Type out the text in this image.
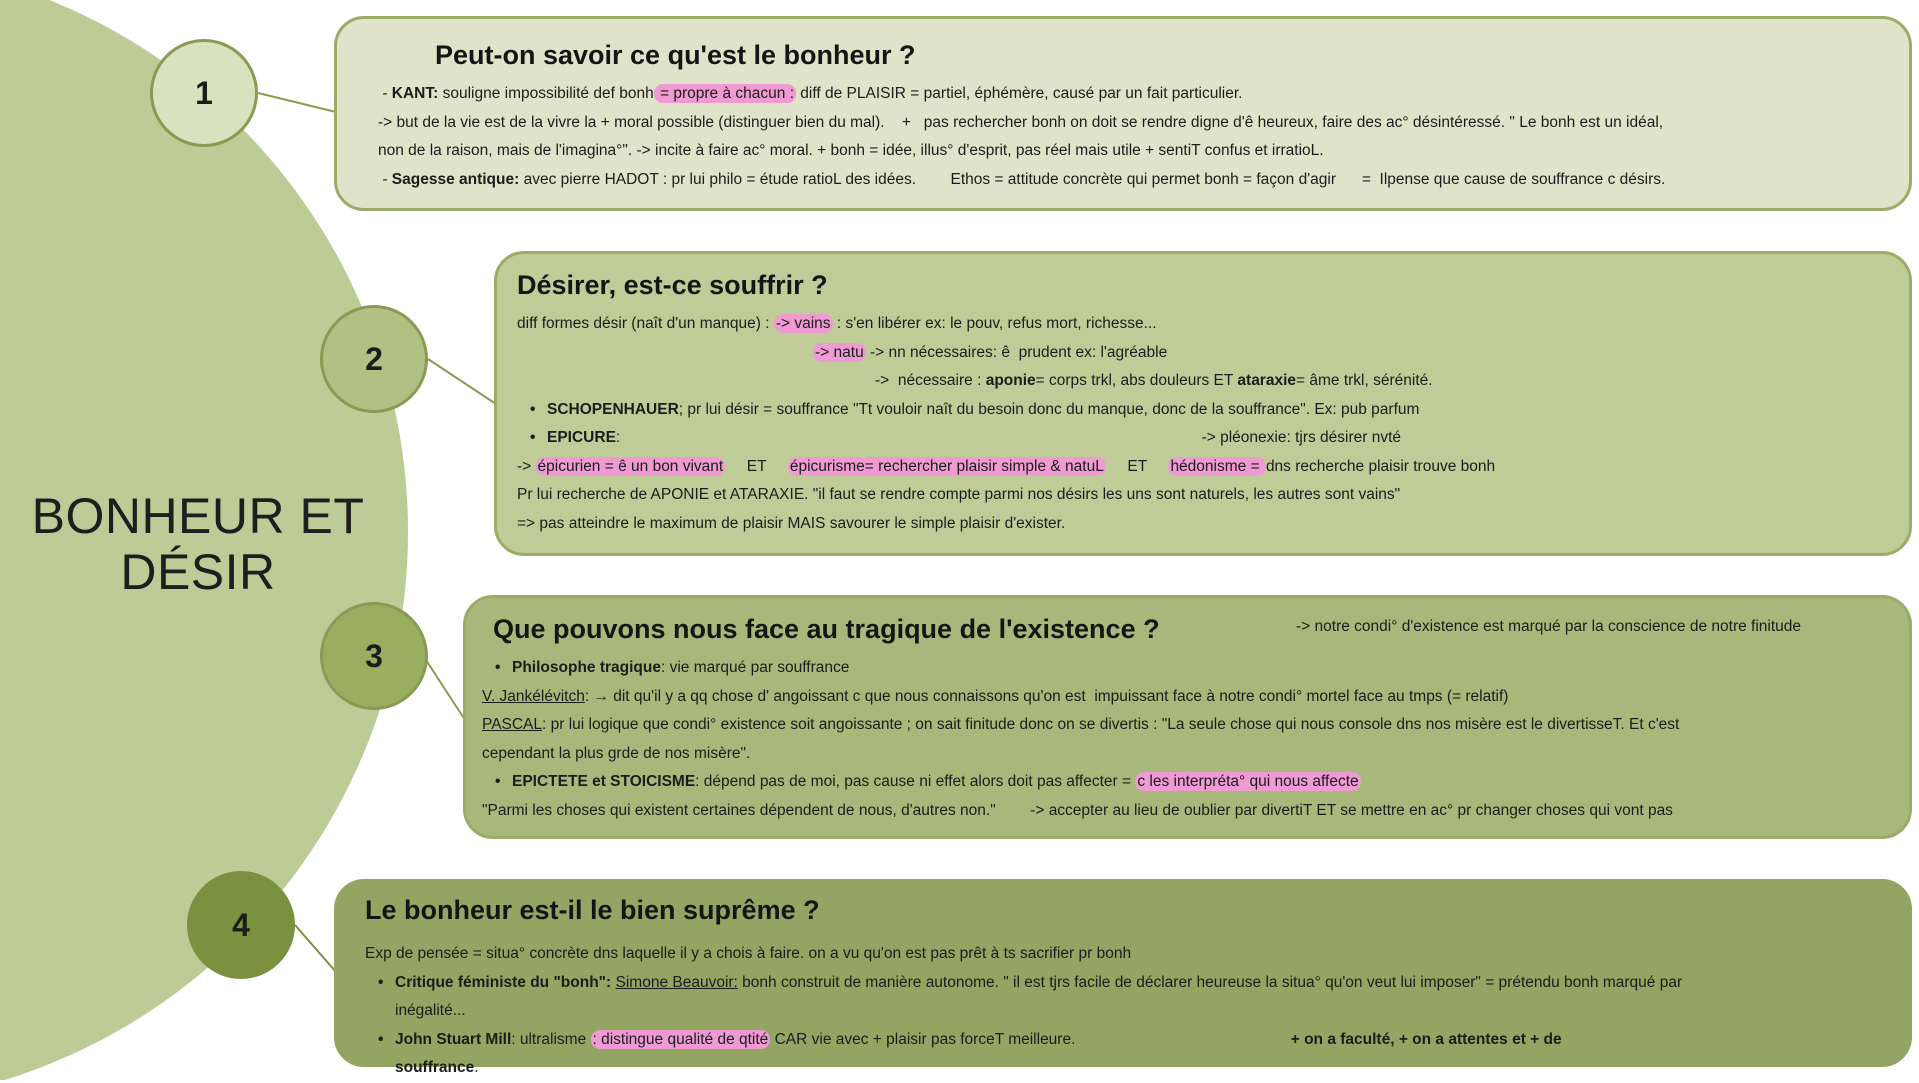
BONHEUR ET
DÉSIR
1
2
3
4
Peut-on savoir ce qu'est le bonheur ?
- KANT: souligne impossibilité def bonh = propre à chacun : diff de PLAISIR = partiel, éphémère, causé par un fait particulier.
-> but de la vie est de la vivre la + moral possible (distinguer bien du mal).    +   pas rechercher bonh on doit se rendre digne d'ê heureux, faire des ac° désintéressé. " Le bonh est un idéal,
non de la raison, mais de l'imagina°". -> incite à faire ac° moral. + bonh = idée, illus° d'esprit, pas réel mais utile + sentiT confus et irratioL.
- Sagesse antique: avec pierre HADOT : pr lui philo = étude ratioL des idées.        Ethos = attitude concrète qui permet bonh = façon d'agir      =  Ilpense que cause de souffrance c désirs.
Désirer, est-ce souffrir ?
diff formes désir (naît d'un manque) : -> vains : s'en libérer ex: le pouv, refus mort, richesse...
-> natu -> nn nécessaires: ê  prudent ex: l'agréable
->  nécessaire : aponie= corps trkl, abs douleurs ET ataraxie= âme trkl, sérénité.
• SCHOPENHAUER; pr lui désir = souffrance "Tt vouloir naît du besoin donc du manque, donc de la souffrance". Ex: pub parfum
• EPICURE:                                                                                                                                       -> pléonexie: tjrs désirer nvté
-> épicurien = ê un bon vivant     ET     épicurisme= rechercher plaisir simple & natuL     ET     hédonisme = dns recherche plaisir trouve bonh
Pr lui recherche de APONIE et ATARAXIE. "il faut se rendre compte parmi nos désirs les uns sont naturels, les autres sont vains"
=> pas atteindre le maximum de plaisir MAIS savourer le simple plaisir d'exister.
Que pouvons nous face au tragique de l'existence ?	-> notre condi° d'existence est marqué par la conscience de notre finitude
• Philosophe tragique: vie marqué par souffrance
V. Jankélévitch: → dit qu'il y a qq chose d' angoissant c que nous connaissons qu'on est  impuissant face à notre condi° mortel face au tmps (= relatif)
PASCAL: pr lui logique que condi° existence soit angoissante ; on sait finitude donc on se divertis : "La seule chose qui nous console dns nos misère est le divertisseT. Et c'est
cependant la plus grde de nos misère".
• EPICTETE et STOICISME: dépend pas de moi, pas cause ni effet alors doit pas affecter = c les interpréta° qui nous affecte
"Parmi les choses qui existent certaines dépendent de nous, d'autres non."        -> accepter au lieu de oublier par divertiT ET se mettre en ac° pr changer choses qui vont pas
Le bonheur est-il le bien suprême ?
Exp de pensée = situa° concrète dns laquelle il y a chois à faire. on a vu qu'on est pas prêt à ts sacrifier pr bonh
• Critique féministe du "bonh": Simone Beauvoir: bonh construit de manière autonome. " il est tjrs facile de déclarer heureuse la situa° qu'on veut lui imposer" = prétendu bonh marqué par
inégalité...
• John Stuart Mill: ultralisme : distingue qualité de qtité CAR vie avec + plaisir pas forceT meilleure.                                                  + on a faculté, + on a attentes et + de
souffrance.
